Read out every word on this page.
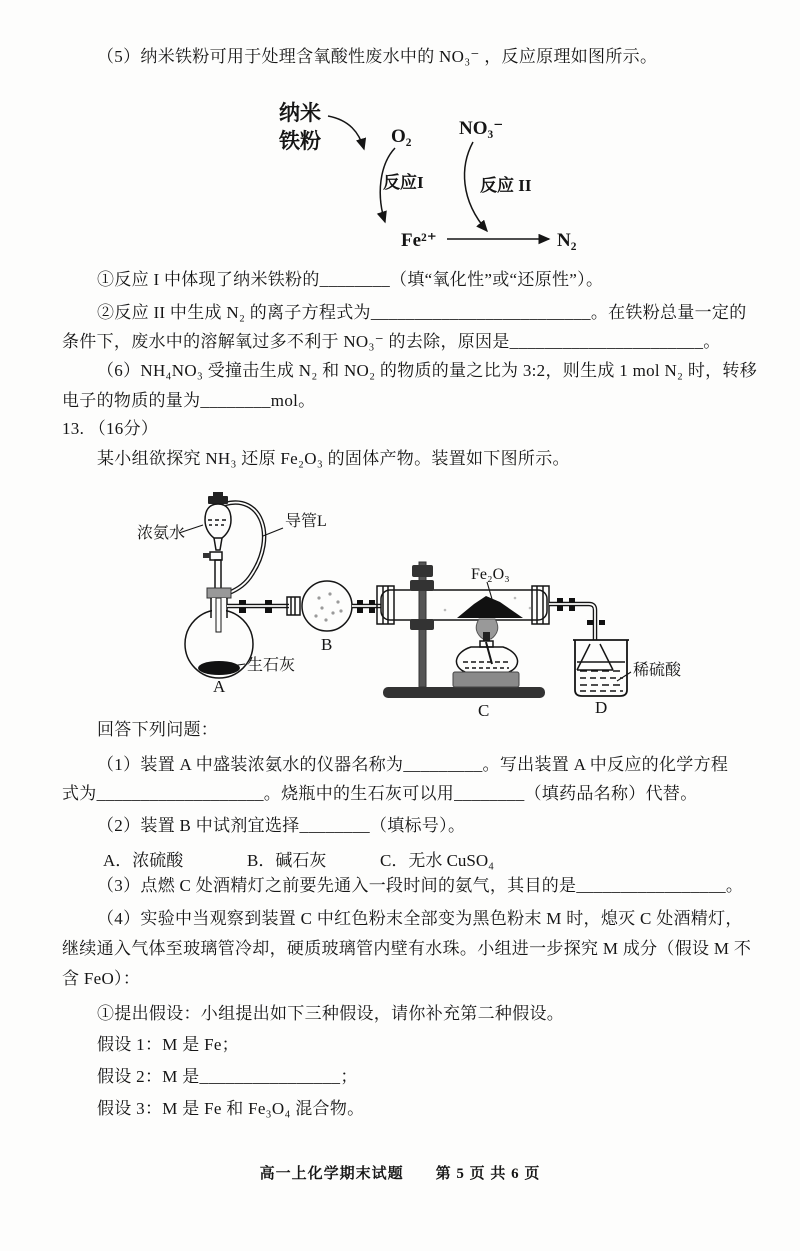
（5）纳米铁粉可用于处理含氧酸性废水中的 NO₃⁻ ，反应原理如图所示。

纳米
铁粉	O₂
反应I
NO₃⁻
反应 II
Fe²⁺	N₂

①反应 I 中体现了纳米铁粉的________（填“氧化性”或“还原性”）。

②反应 II 中生成 N₂ 的离子方程式为_________________________。在铁粉总量一定的

条件下，废水中的溶解氧过多不利于 NO₃⁻ 的去除，原因是______________________。

（6）NH₄NO₃ 受撞击生成 N₂ 和 NO₂ 的物质的量之比为 3:2，则生成 1 mol N₂ 时，转移

电子的物质的量为________mol。

13. （16分）

某小组欲探究 NH₃ 还原 Fe₂O₃ 的固体产物。装置如下图所示。

浓氨水
导管L
生石灰
A
B
Fe₂O₃
C
稀硫酸
D

回答下列问题：

（1）装置 A 中盛装浓氨水的仪器名称为_________。写出装置 A 中反应的化学方程

式为___________________。烧瓶中的生石灰可以用________（填药品名称）代替。

（2）装置 B 中试剂宜选择________（填标号）。

A．浓硫酸	B．碱石灰	C．无水 CuSO₄

（3）点燃 C 处酒精灯之前要先通入一段时间的氨气，其目的是_________________。

（4）实验中当观察到装置 C 中红色粉末全部变为黑色粉末 M 时，熄灭 C 处酒精灯，

继续通入气体至玻璃管冷却，硬质玻璃管内壁有水珠。小组进一步探究 M 成分（假设 M 不

含 FeO）：

①提出假设：小组提出如下三种假设，请你补充第二种假设。

假设 1：M 是 Fe；

假设 2：M 是________________；

假设 3：M 是 Fe 和 Fe₃O₄ 混合物。

高一上化学期末试题　　第 5 页 共 6 页
